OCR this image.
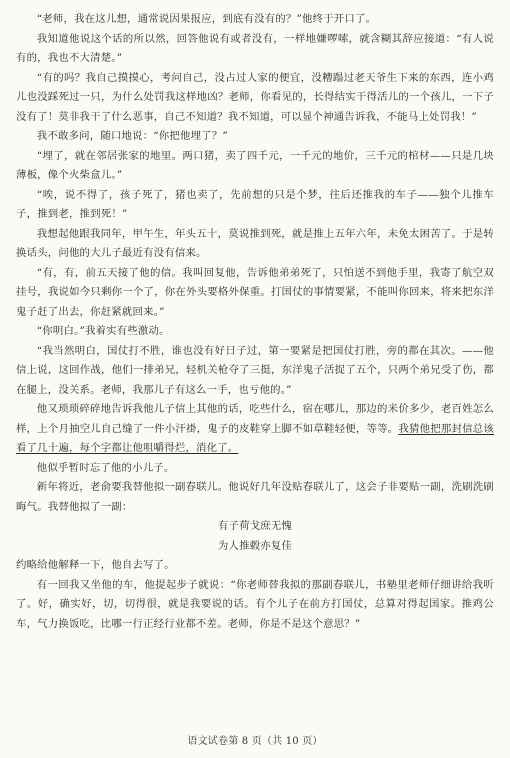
“老师，我在这儿想，通常说因果报应，到底有没有的？”他终于开口了。

我知道他说这个话的所以然，回答他说有或者没有，一样地嫌啰嗦，就含糊其辞应接道：“有人说有的，我也不大清楚。”

“有的吗？我自己摸摸心，考问自己，没占过人家的便宜，没糟蹋过老天爷生下来的东西，连小鸡儿也没踩死过一只，为什么处罚我这样地凶？老师，你看见的，长得结实干得活儿的一个孩儿，一下子没有了！莫非我干了什么恶事，自己不知道？我不知道，可以显个神通告诉我，不能马上处罚我！”

我不敢多问，随口地说：“你把他埋了？”

“埋了，就在邻居张家的地里。两口猪，卖了四千元，一千元的地价，三千元的棺材——只是几块薄板，像个火柴盒儿。”

“唉，说不得了，孩子死了，猪也卖了，先前想的只是个梦，往后还推我的车子——独个儿推车子，推到老，推到死！”

我想起他跟我同年，甲午生，年头五十，莫说推到死，就是推上五年六年，未免太困苦了。于是转换话头，问他的大儿子最近有没有信来。

“有，有，前五天接了他的信。我叫回复他，告诉他弟弟死了，只怕送不到他手里，我寄了航空双挂号，我说如今只剩你一个了，你在外头要格外保重。打国仗的事情要紧，不能叫你回来，将来把东洋鬼子赶了出去，你赶紧就回来。”

“你明白。”我着实有些激动。

“我当然明白，国仗打不胜，谁也没有好日子过，第一要紧是把国仗打胜，旁的都在其次。——他信上说，这回作战，他们一排弟兄，轻机关枪夺了三挺，东洋鬼子活捉了五个，只两个弟兄受了伤，都在腿上，没关系。老师，我那儿子有这么一手，也亏他的。”

他又琐琐碎碎地告诉我他儿子信上其他的话，吃些什么，宿在哪儿，那边的米价多少，老百姓怎么样，上个月抽空儿自己缝了一件小汗褂，鬼子的皮鞋穿上脚不如草鞋轻便，等等。我猜他把那封信总该看了几十遍，每个字都让他咀嚼得烂，消化了。

他似乎暂时忘了他的小儿子。

新年将近，老俞要我替他拟一副春联儿。他说好几年没贴春联儿了，这会子非要贴一副，洗刷洗刷晦气。我替他拟了一副：

有子荷戈庶无愧

为人推毂亦复佳

约略给他解释一下，他自去写了。

有一回我又坐他的车，他提起步子就说：“你老师替我拟的那副春联儿，书塾里老师仔细讲给我听了。好，确实好，切，切得很，就是我要说的话。有个儿子在前方打国仗，总算对得起国家。推鸡公车，气力换饭吃，比哪一行正经行业都不差。老师，你是不是这个意思？”

语文试卷第 8 页（共 10 页）
